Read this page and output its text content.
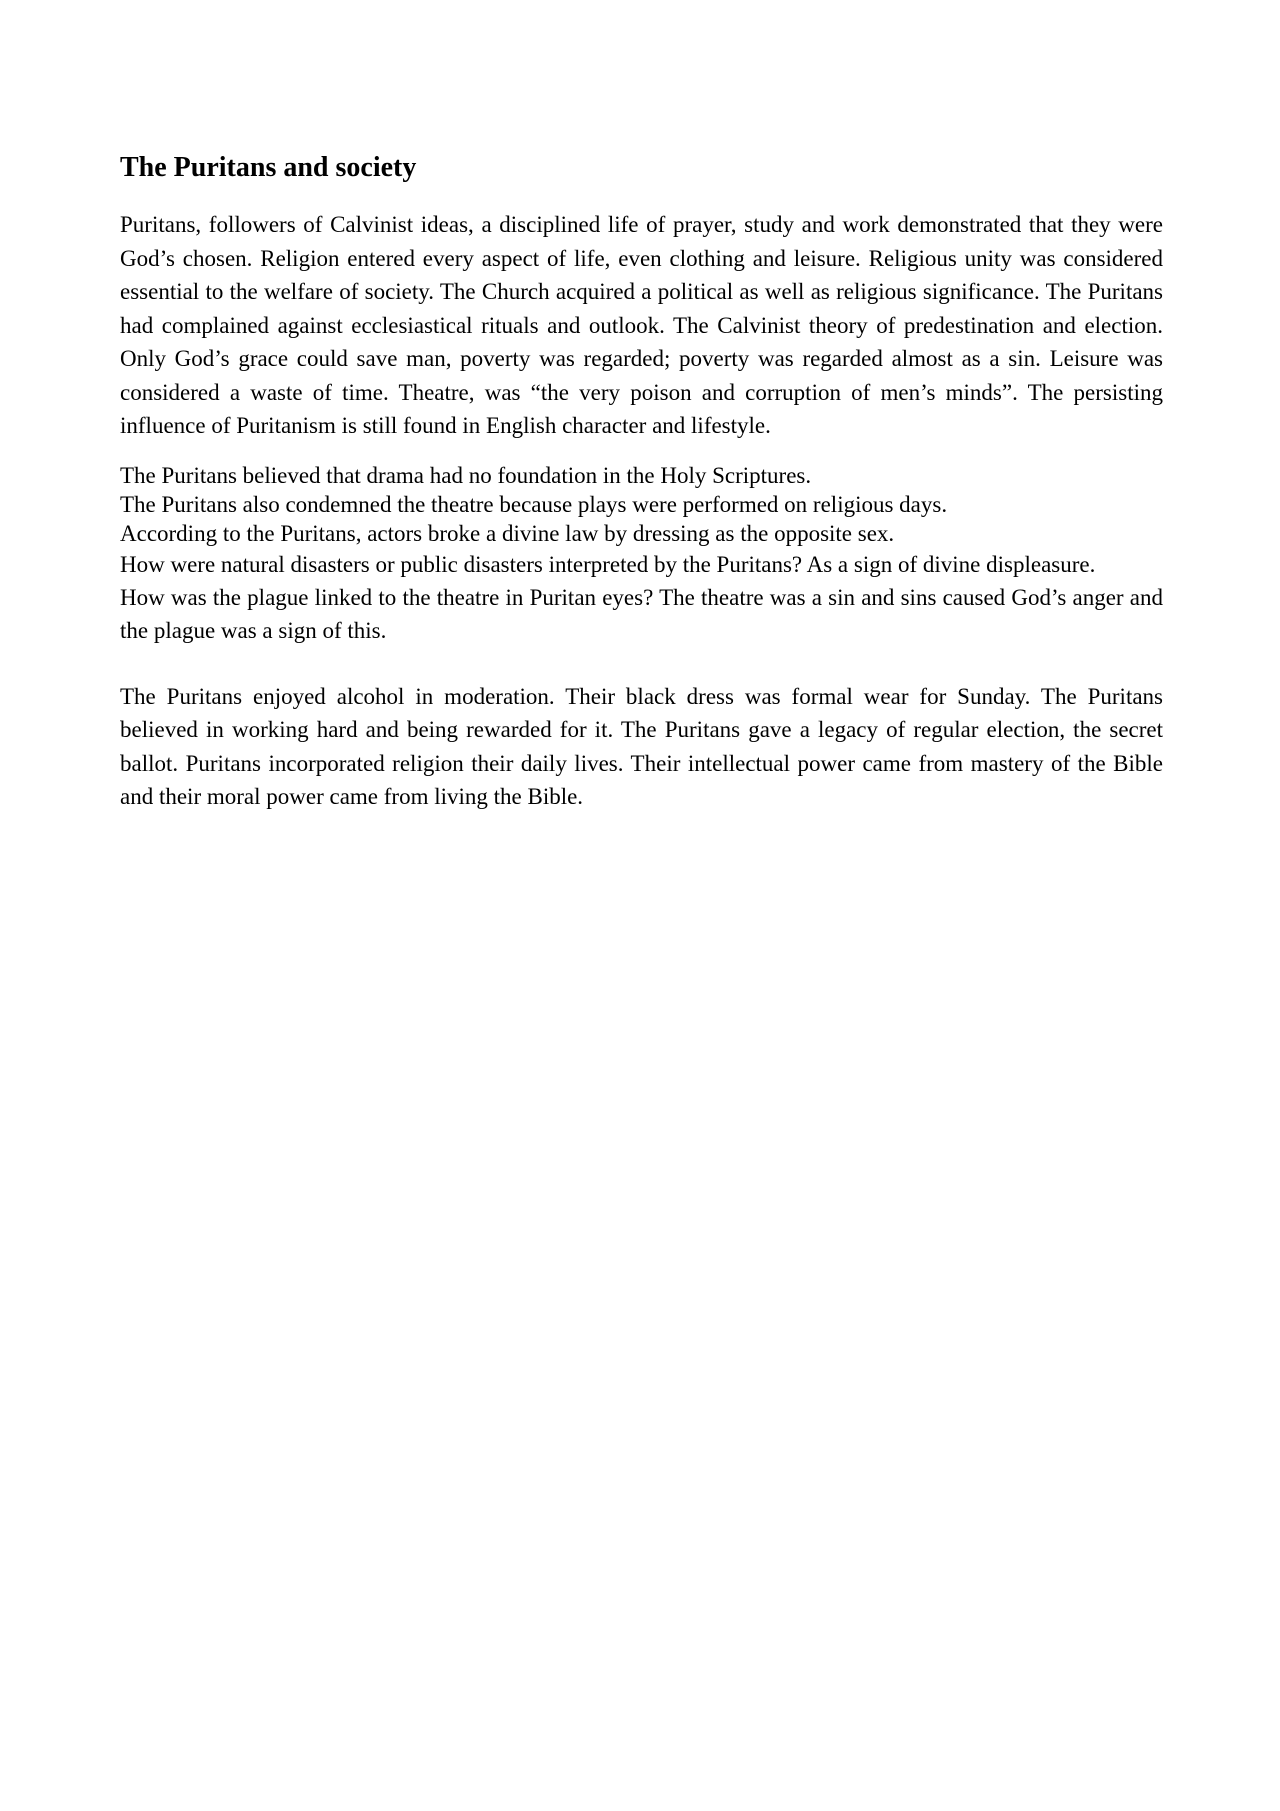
The Puritans and society

Puritans, followers of Calvinist ideas, a disciplined life of prayer, study and work demonstrated that they were God’s chosen. Religion entered every aspect of life, even clothing and leisure. Religious unity was considered essential to the welfare of society. The Church acquired a political as well as religious significance. The Puritans had complained against ecclesiastical rituals and outlook. The Calvinist theory of predestination and election. Only God’s grace could save man, poverty was regarded; poverty was regarded almost as a sin. Leisure was considered a waste of time. Theatre, was “the very poison and corruption of men’s minds”. The persisting influence of Puritanism is still found in English character and lifestyle.

The Puritans believed that drama had no foundation in the Holy Scriptures.

The Puritans also condemned the theatre because plays were performed on religious days.

According to the Puritans, actors broke a divine law by dressing as the opposite sex.

How were natural disasters or public disasters interpreted by the Puritans? As a sign of divine displeasure.

How was the plague linked to the theatre in Puritan eyes? The theatre was a sin and sins caused God’s anger and the plague was a sign of this.

The Puritans enjoyed alcohol in moderation. Their black dress was formal wear for Sunday. The Puritans believed in working hard and being rewarded for it. The Puritans gave a legacy of regular election, the secret ballot. Puritans incorporated religion their daily lives. Their intellectual power came from mastery of the Bible and their moral power came from living the Bible.
